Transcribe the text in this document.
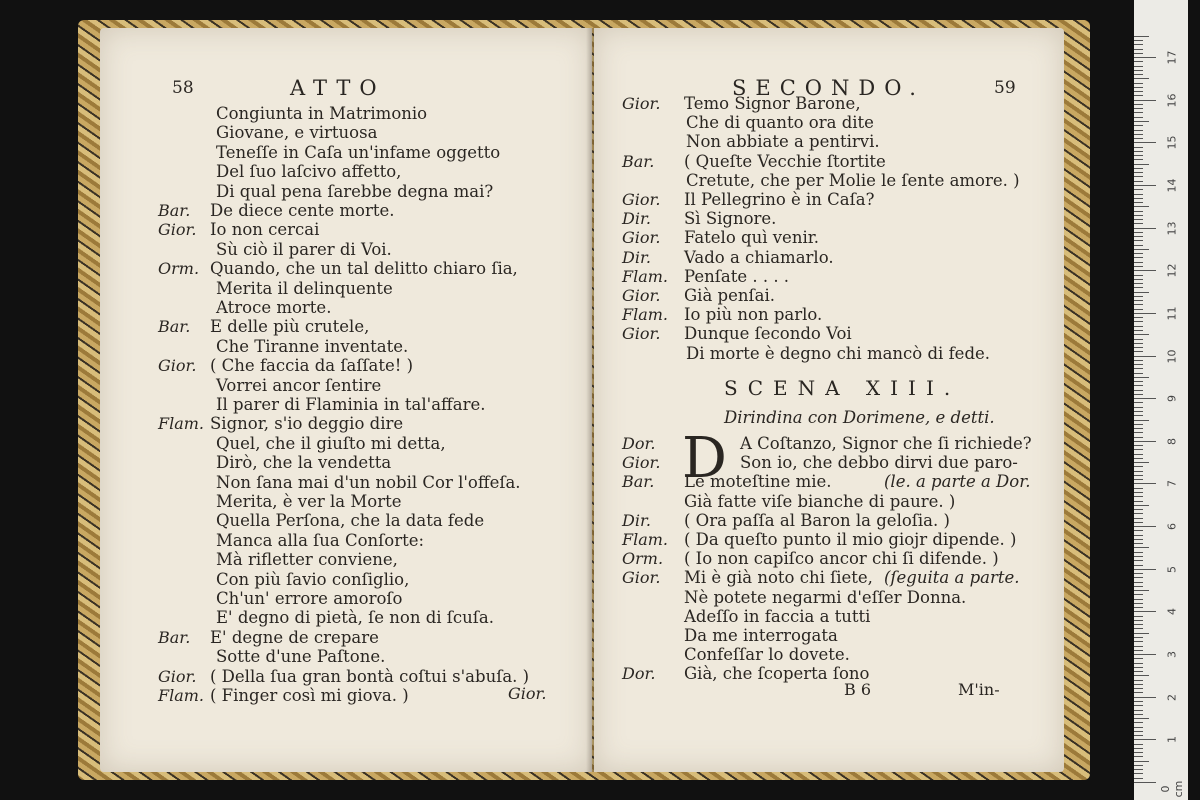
58	ATTO
Congiunta in Matrimonio
Giovane, e virtuosa
Teneſſe in Caſa un'infame oggetto
Del ſuo laſcivo affetto,
Di qual pena ſarebbe degna mai?
Bar. De diece cente morte.
Gior. Io non cercai
Sù ciò il parer di Voi.
Orm. Quando, che un tal delitto chiaro ſia,
Merita il delinquente
Atroce morte.
Bar. E delle più crutele,
Che Tiranne inventate.
Gior. ( Che faccia da ſaſſate! )
Vorrei ancor ſentire
Il parer di Flaminia in tal'affare.
Flam. Signor, s'io deggio dire
Quel, che il giuſto mi detta,
Dirò, che la vendetta
Non ſana mai d'un nobil Cor l'offeſa.
Merita, è ver la Morte
Quella Perſona, che la data fede
Manca alla ſua Conſorte:
Mà rifletter conviene,
Con più ſavio conſiglio,
Ch'un' errore amoroſo
E' degno di pietà, ſe non di ſcuſa.
Bar. E' degne de crepare
Sotte d'une Paſtone.
Gior. ( Della ſua gran bontà coſtui s'abuſa. )
Flam. ( Finger così mi giova. )	Gior.
SECONDO.	59
Gior. Temo Signor Barone,
Che di quanto ora dite
Non abbiate a pentirvi.
Bar. ( Queſte Vecchie ſtortite
Cretute, che per Molie le ſente amore. )
Gior. Il Pellegrino è in Caſa?
Dir. Sì Signore.
Gior. Fatelo quì venir.
Dir. Vado a chiamarlo.
Flam. Penſate . . . .
Gior. Già penſai.
Flam. Io più non parlo.
Gior. Dunque ſecondo Voi
Di morte è degno chi mancò di fede.
SCENA XIII.
Dirindina con Dorimene, e detti.
D
Dor.	A Coſtanzo, Signor che ſi richiede?
Gior.	Son io, che debbo dirvi due paro-
Bar. Le moteſtine mie.	(le. a parte a Dor.
Già fatte viſe bianche di paure. )
Dir. ( Ora paſſa al Baron la geloſia. )
Flam. ( Da queſto punto il mio giojr dipende. )
Orm. ( Io non capiſco ancor chi ſi difende. )
Gior. Mi è già noto chi ſiete, (ſeguita a parte.
Nè potete negarmi d'eſſer Donna.
Adeſſo in faccia a tutti
Da me interrogata
Confeſſar lo dovete.
Dor. Già, che ſcoperta ſono
B 6	M'in-
17
16
15
14
13
12
11
10
9
8
7
6
5
4
3
2
1
0 cm
